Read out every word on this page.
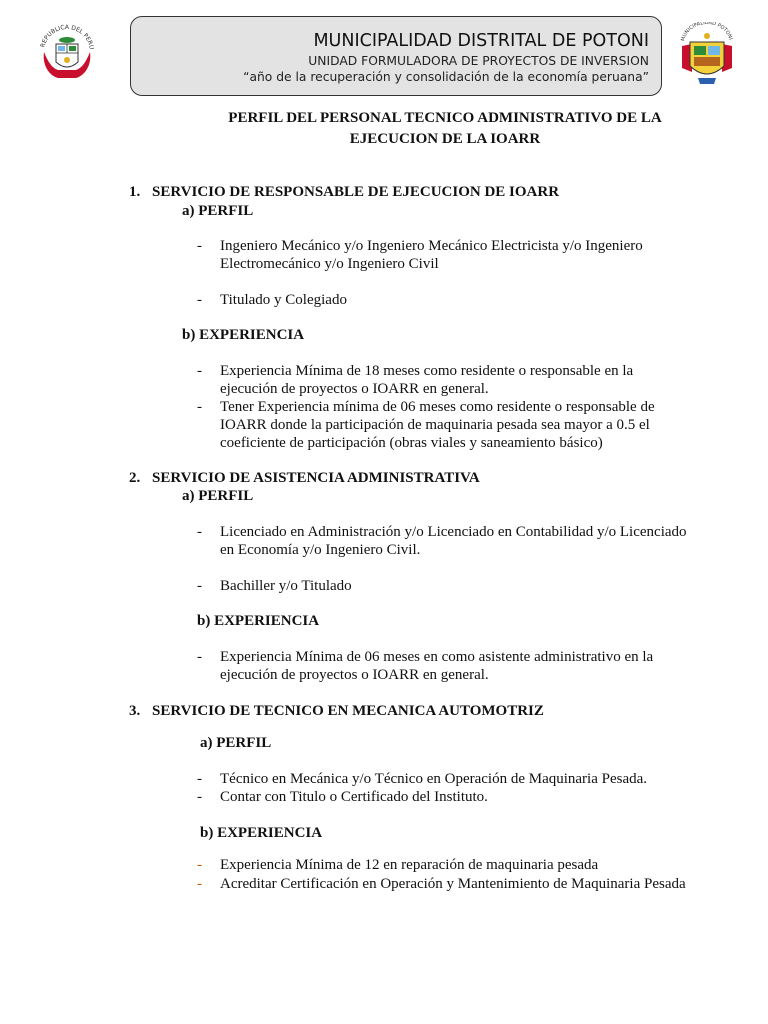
REPUBLICA DEL PERU	MUNICIPALIDAD DISTRITAL DE POTONI
UNIDAD FORMULADORA DE PROYECTOS DE INVERSION
“año de la recuperación y consolidación de la economía peruana”
MUNICIPALIDAD POTONI
PERFIL DEL PERSONAL TECNICO ADMINISTRATIVO DE LA
EJECUCION DE LA IOARR
1. SERVICIO DE RESPONSABLE DE EJECUCION DE IOARR
a) PERFIL
- Ingeniero Mecánico y/o Ingeniero Mecánico Electricista y/o Ingeniero
Electromecánico y/o Ingeniero Civil
- Titulado y Colegiado
b) EXPERIENCIA
- Experiencia Mínima de 18 meses como residente o responsable en la
ejecución de proyectos o IOARR en general.
- Tener Experiencia mínima de 06 meses como residente o responsable de
IOARR donde la participación de maquinaria pesada sea mayor a 0.5 el
coeficiente de participación (obras viales y saneamiento básico)
2. SERVICIO DE ASISTENCIA ADMINISTRATIVA
a) PERFIL
- Licenciado en Administración y/o Licenciado en Contabilidad y/o Licenciado
en Economía y/o Ingeniero Civil.
- Bachiller y/o Titulado
b) EXPERIENCIA
- Experiencia Mínima de 06 meses en como asistente administrativo en la
ejecución de proyectos o IOARR en general.
3. SERVICIO DE TECNICO EN MECANICA AUTOMOTRIZ
a) PERFIL
- Técnico en Mecánica y/o Técnico en Operación de Maquinaria Pesada.
- Contar con Titulo o Certificado del Instituto.
b) EXPERIENCIA
- Experiencia Mínima de 12 en reparación de maquinaria pesada
- Acreditar Certificación en Operación y Mantenimiento de Maquinaria Pesada
